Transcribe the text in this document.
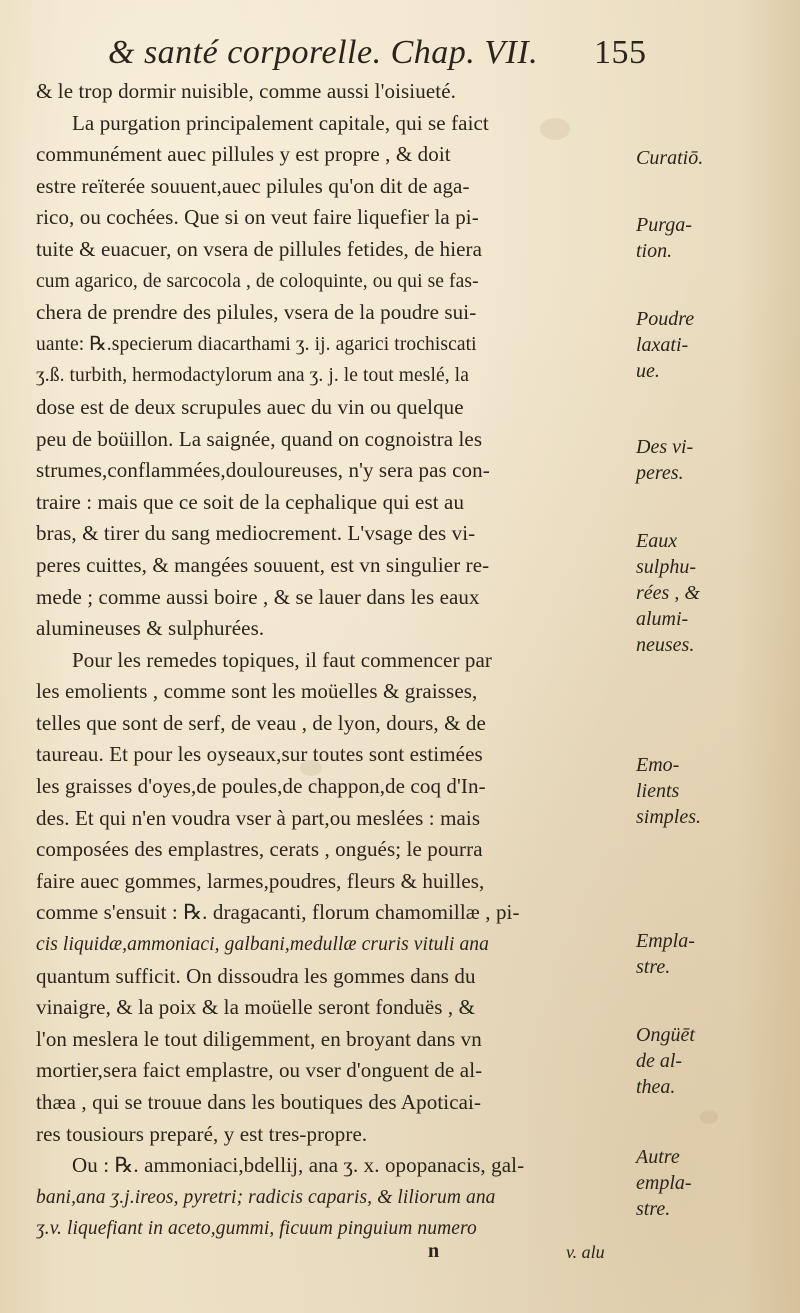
& santé corporelle. Chap. VII. 155
& le trop dormir nuisible, comme aussi l'oisiueté.
La purgation principalement capitale, qui se faict
communément auec pillules y est propre , & doit
estre reïterée souuent,auec pilules qu'on dit de aga-
rico, ou cochées. Que si on veut faire liquefier la pi-
tuite & euacuer, on vsera de pillules fetides, de hiera
cum agarico, de sarcocola , de coloquinte, ou qui se fas-
chera de prendre des pilules, vsera de la poudre sui-
uante: ℞.specierum diacarthami ʒ. ij. agarici trochiscati
ʒ.ß. turbith, hermodactylorum ana ʒ. j. le tout meslé, la
dose est de deux scrupules auec du vin ou quelque
peu de boüillon. La saignée, quand on cognoistra les
strumes,conflammées,douloureuses, n'y sera pas con-
traire : mais que ce soit de la cephalique qui est au
bras, & tirer du sang mediocrement. L'vsage des vi-
peres cuittes, & mangées souuent, est vn singulier re-
mede ; comme aussi boire , & se lauer dans les eaux
alumineuses & sulphurées.
Pour les remedes topiques, il faut commencer par
les emolients , comme sont les moüelles & graisses,
telles que sont de serf, de veau , de lyon, dours, & de
taureau. Et pour les oyseaux,sur toutes sont estimées
les graisses d'oyes,de poules,de chappon,de coq d'In-
des. Et qui n'en voudra vser à part,ou meslées : mais
composées des emplastres, cerats , ongués; le pourra
faire auec gommes, larmes,poudres, fleurs & huilles,
comme s'ensuit : ℞. dragacanti, florum chamomillæ , pi-
cis liquidæ,ammoniaci, galbani,medullæ cruris vituli ana
quantum sufficit. On dissoudra les gommes dans du
vinaigre, & la poix & la moüelle seront fonduës , &
l'on meslera le tout diligemment, en broyant dans vn
mortier,sera faict emplastre, ou vser d'onguent de al-
thæa , qui se trouue dans les boutiques des Apoticai-
res tousiours preparé, y est tres-propre.
Ou : ℞. ammoniaci,bdellij, ana ʒ. x. opopanacis, gal-
bani,ana ʒ.j.ireos, pyretri; radicis caparis, & liliorum ana
ʒ.v. liquefiant in aceto,gummi, ficuum pinguium numero
Curatiō.
Purga-
tion.
Poudre
laxati-
ue.
Des vi-
peres.
Eaux
sulphu-
rées , &
alumi-
neuses.
Emo-
lients
simples.
Empla-
stre.
Ongüēt
de al-
thea.
Autre
empla-
stre.
n	v. alu
